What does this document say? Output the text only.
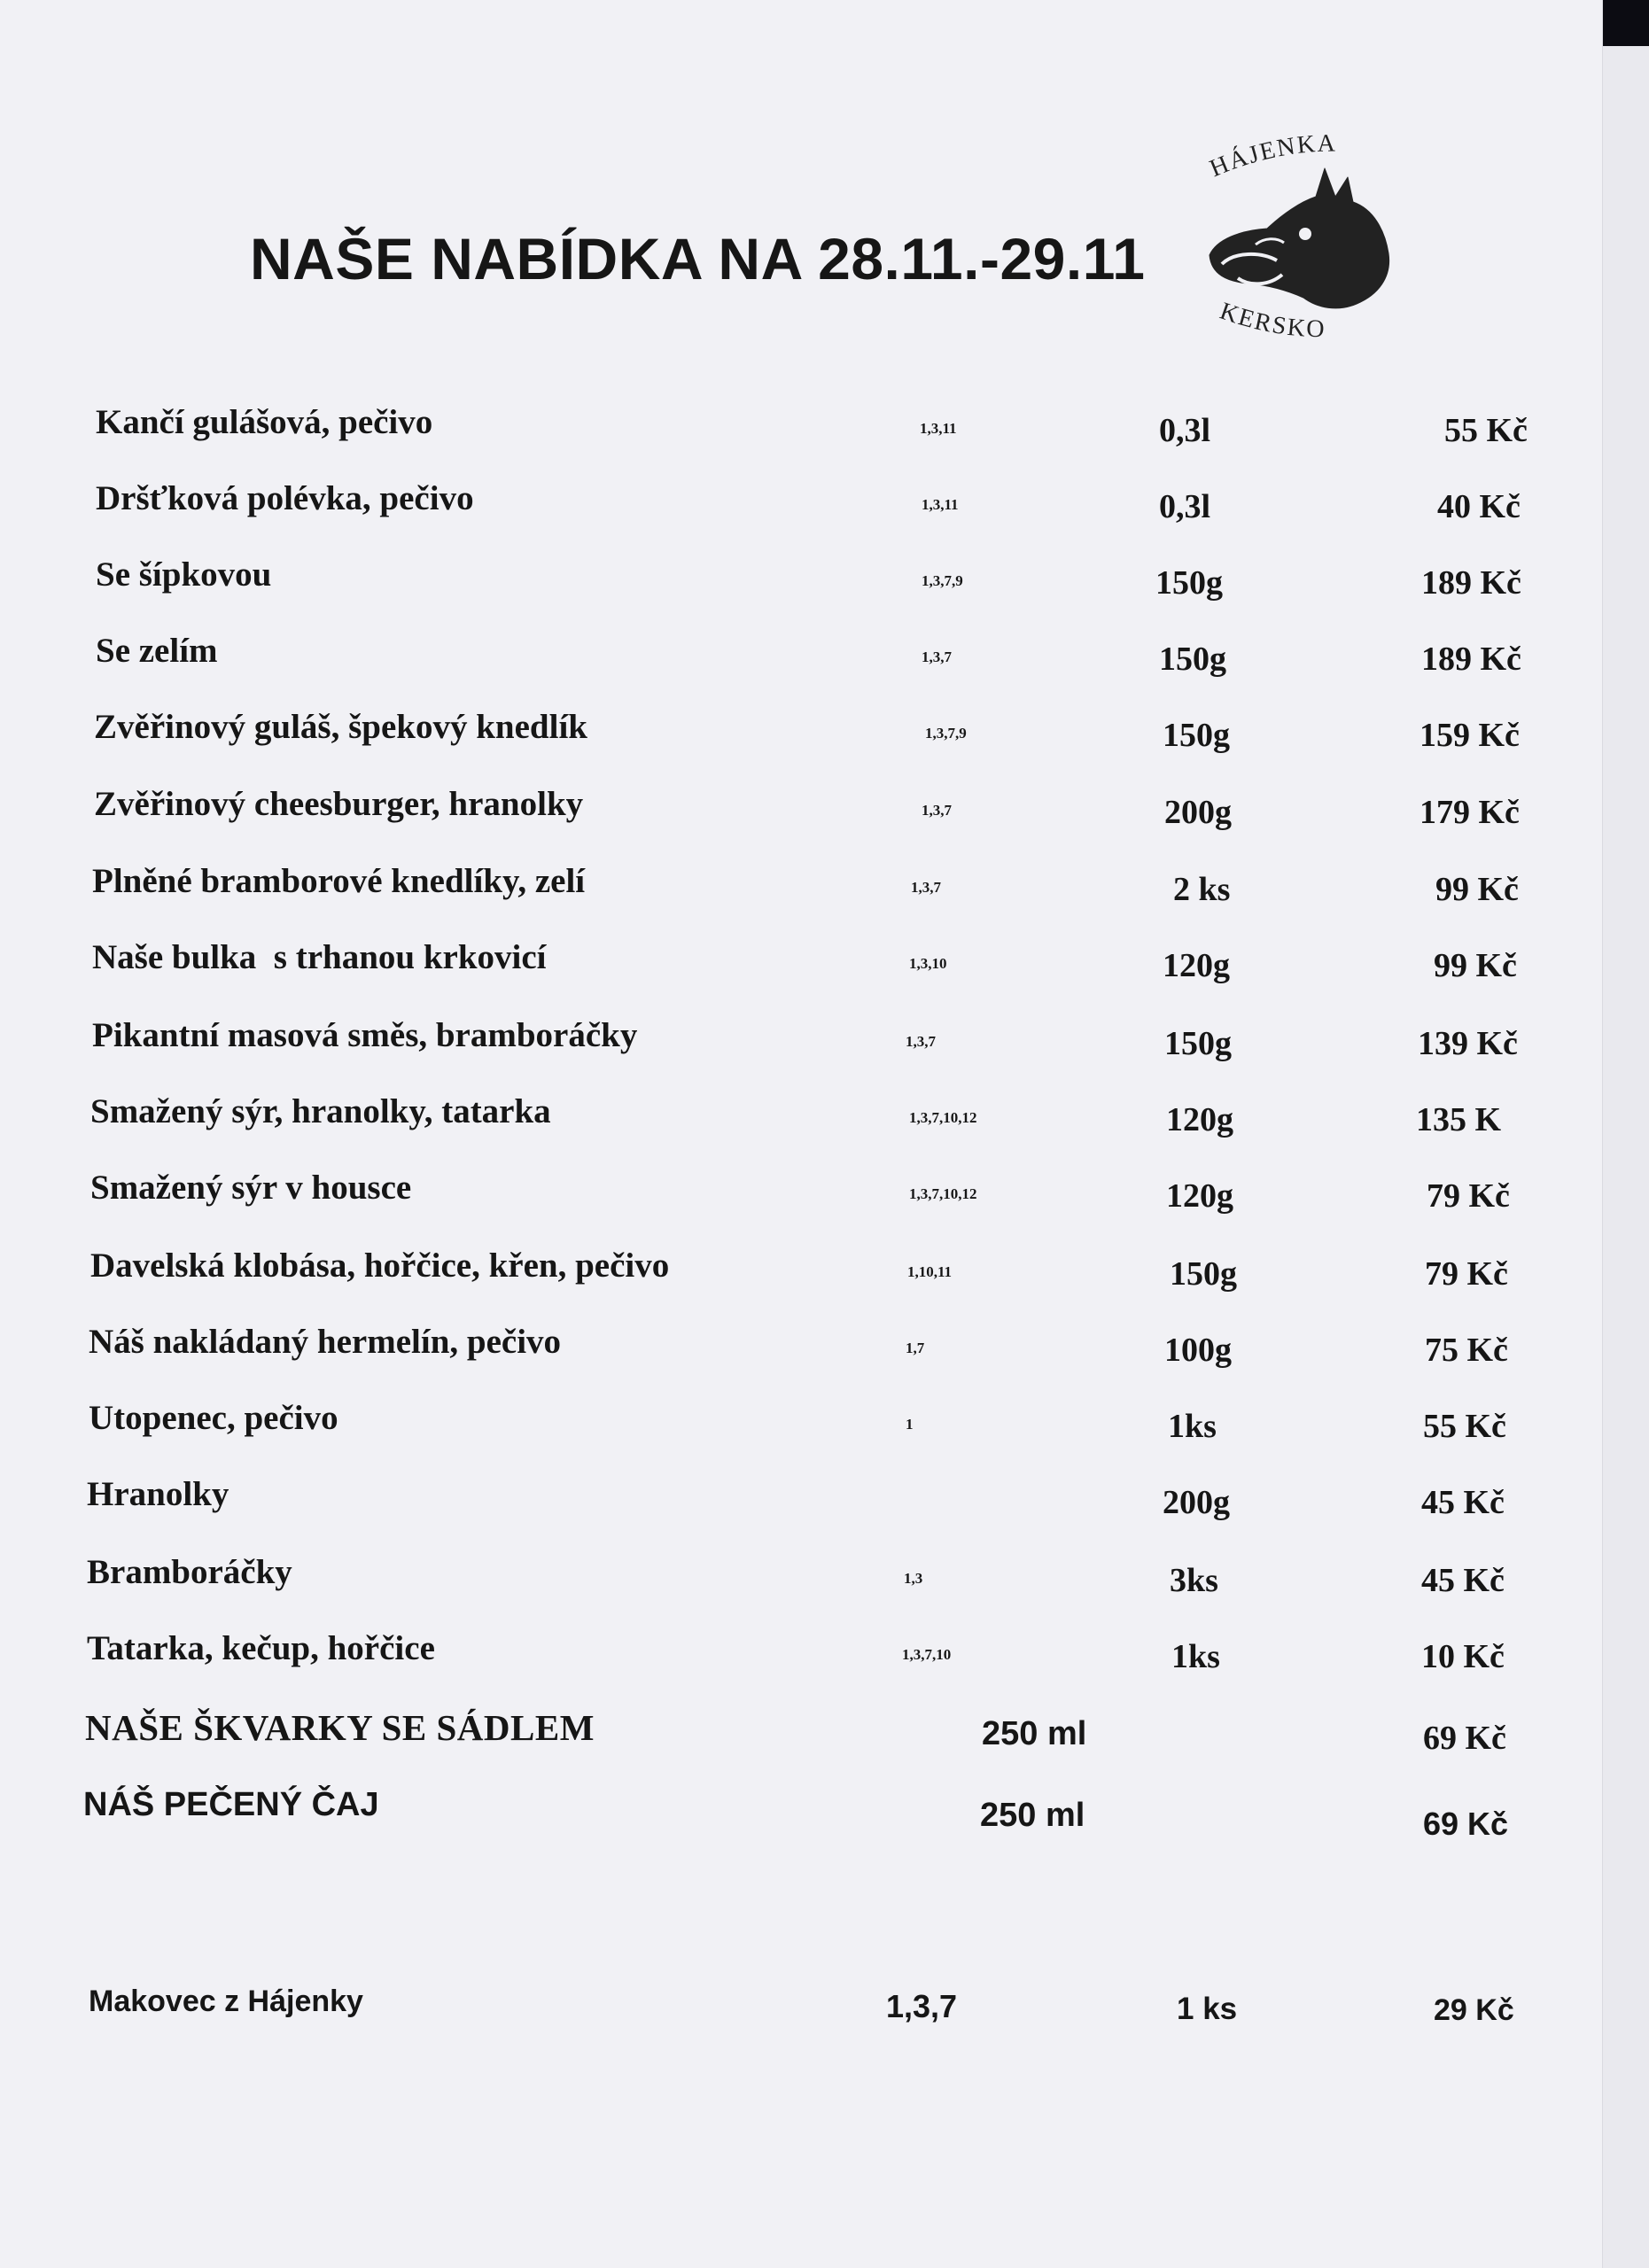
NAŠE NABÍDKA NA 28.11.-29.11
HÁJENKA
KERSKO
Kančí gulášová, pečivo	1,3,11	0,3l	55 Kč
Dršťková polévka, pečivo	1,3,11	0,3l	40 Kč
Se šípkovou	1,3,7,9	150g	189 Kč
Se zelím	1,3,7	150g	189 Kč
Zvěřinový guláš, špekový knedlík	1,3,7,9	150g	159 Kč
Zvěřinový cheesburger, hranolky	1,3,7	200g	179 Kč
Plněné bramborové knedlíky, zelí	1,3,7	2 ks	99 Kč
Naše bulka  s trhanou krkovicí	1,3,10	120g	99 Kč
Pikantní masová směs, bramboráčky	1,3,7	150g	139 Kč
Smažený sýr, hranolky, tatarka	1,3,7,10,12	120g	135 K
Smažený sýr v housce	1,3,7,10,12	120g	79 Kč
Davelská klobása, hořčice, křen, pečivo	1,10,11	150g	79 Kč
Náš nakládaný hermelín, pečivo	1,7	100g	75 Kč
Utopenec, pečivo	1	1ks	55 Kč
Hranolky	200g	45 Kč
Bramboráčky	1,3	3ks	45 Kč
Tatarka, kečup, hořčice	1,3,7,10	1ks	10 Kč
NAŠE ŠKVARKY SE SÁDLEM	250 ml	69 Kč
NÁŠ PEČENÝ ČAJ	250 ml	69 Kč
Makovec z Hájenky	1,3,7	1 ks	29 Kč
